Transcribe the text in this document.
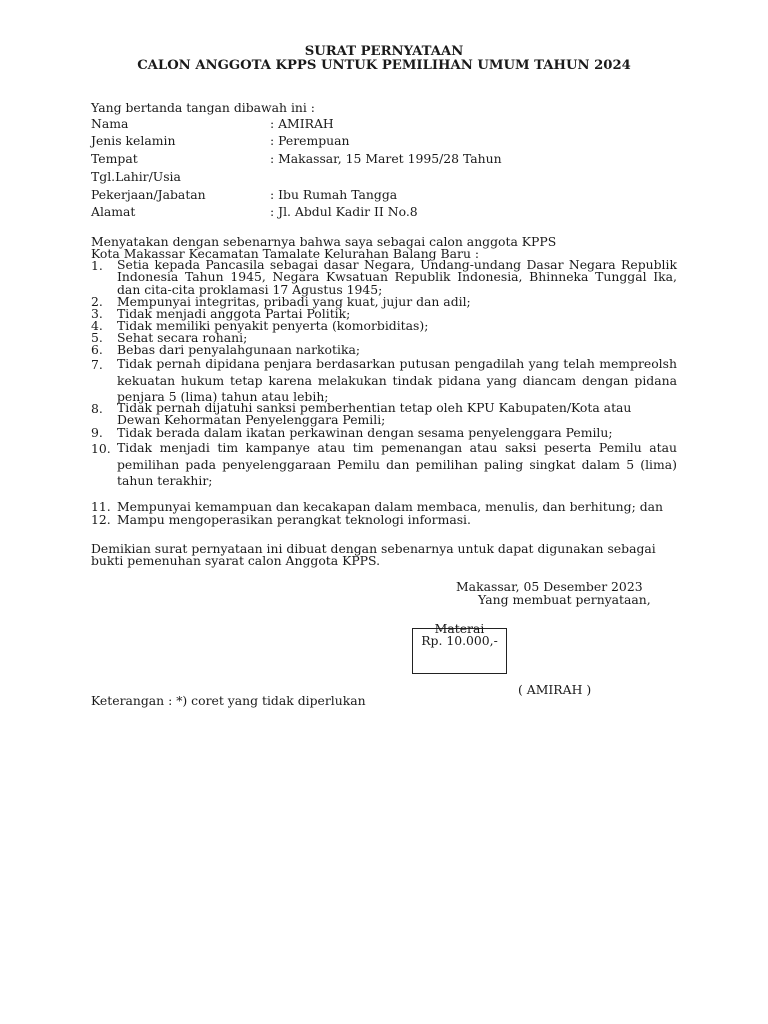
SURAT PERNYATAAN
CALON ANGGOTA KPPS UNTUK PEMILIHAN UMUM TAHUN 2024
Yang bertanda tangan dibawah ini :
Nama	: AMIRAH
Jenis kelamin	: Perempuan
Tempat	: Makassar, 15 Maret 1995/28 Tahun
Tgl.Lahir/Usia
Pekerjaan/Jabatan	: Ibu Rumah Tangga
Alamat	: Jl. Abdul Kadir II No.8
Menyatakan dengan sebenarnya bahwa saya sebagai calon anggota KPPS
Kota Makassar Kecamatan Tamalate Kelurahan Balang Baru :
1. Setia kepada Pancasila sebagai dasar Negara, Undang-undang Dasar Negara Republik Indonesia Tahun 1945, Negara Kwsatuan Republik Indonesia, Bhinneka Tunggal Ika, dan cita-cita proklamasi 17 Agustus 1945;
2. Mempunyai integritas, pribadi yang kuat, jujur dan adil;
3. Tidak menjadi anggota Partai Politik;
4. Tidak memiliki penyakit penyerta (komorbiditas);
5. Sehat secara rohani;
6. Bebas dari penyalahgunaan narkotika;
7. Tidak pernah dipidana penjara berdasarkan putusan pengadilah yang telah mempreolsh kekuatan hukum tetap karena melakukan tindak pidana yang diancam dengan pidana penjara 5 (lima) tahun atau lebih;
8. Tidak pernah dijatuhi sanksi pemberhentian tetap oleh KPU Kabupaten/Kota atau Dewan Kehormatan Penyelenggara Pemili;
9. Tidak berada dalam ikatan perkawinan dengan sesama penyelenggara Pemilu;
10. Tidak menjadi tim kampanye atau tim pemenangan atau saksi peserta Pemilu atau pemilihan pada penyelenggaraan Pemilu dan pemilihan paling singkat dalam 5 (lima) tahun terakhir;
11. Mempunyai kemampuan dan kecakapan dalam membaca, menulis, dan berhitung; dan
12. Mampu mengoperasikan perangkat teknologi informasi.
Demikian surat pernyataan ini dibuat dengan sebenarnya untuk dapat digunakan sebagai
bukti pemenuhan syarat calon Anggota KPPS.
Makassar, 05 Desember 2023
Yang membuat pernyataan,
Materai
Rp. 10.000,-
( AMIRAH )
Keterangan : *) coret yang tidak diperlukan
